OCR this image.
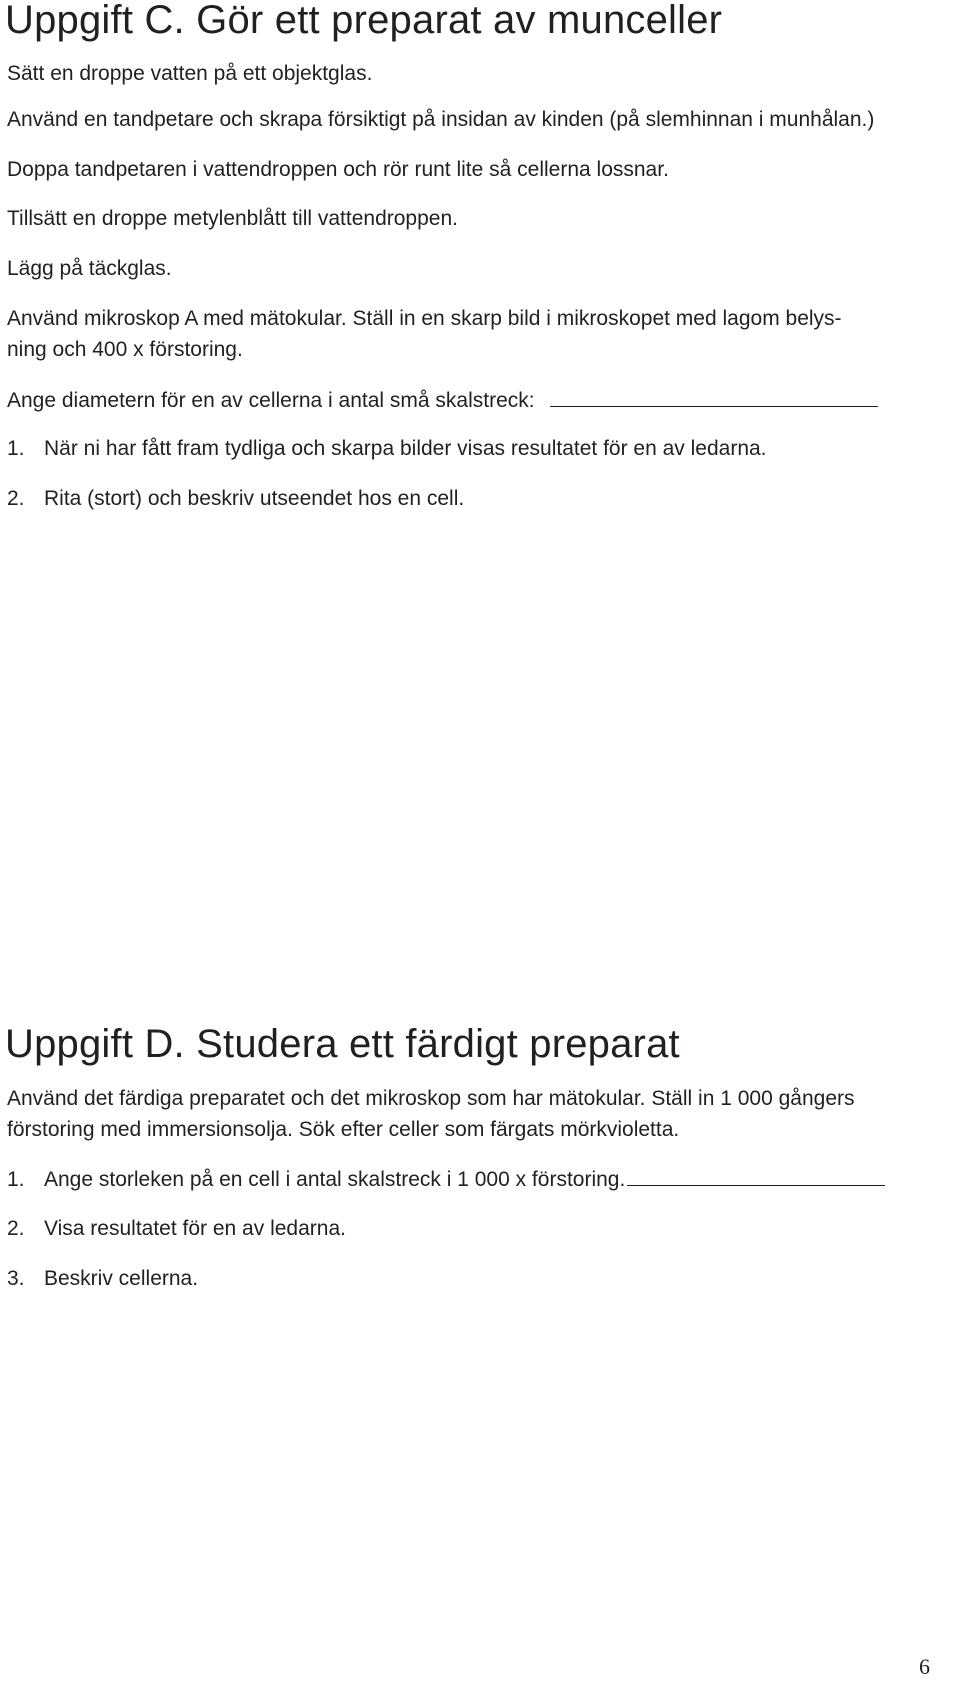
Uppgift C. Gör ett preparat av munceller

Sätt en droppe vatten på ett objektglas.

Använd en tandpetare och skrapa försiktigt på insidan av kinden (på slemhinnan i munhålan.)

Doppa tandpetaren i vattendroppen och rör runt lite så cellerna lossnar.

Tillsätt en droppe metylenblått till vattendroppen.

Lägg på täckglas.

Använd mikroskop A med mätokular. Ställ in en skarp bild i mikroskopet med lagom belys-

ning och 400 x förstoring.

Ange diametern för en av cellerna i antal små skalstreck:

1. När ni har fått fram tydliga och skarpa bilder visas resultatet för en av ledarna.

2. Rita (stort) och beskriv utseendet hos en cell.

Uppgift D. Studera ett färdigt preparat

Använd det färdiga preparatet och det mikroskop som har mätokular. Ställ in 1 000 gångers

förstoring med immersionsolja. Sök efter celler som färgats mörkvioletta.

1. Ange storleken på en cell i antal skalstreck i 1 000 x förstoring.

2. Visa resultatet för en av ledarna.

3. Beskriv cellerna.

6
